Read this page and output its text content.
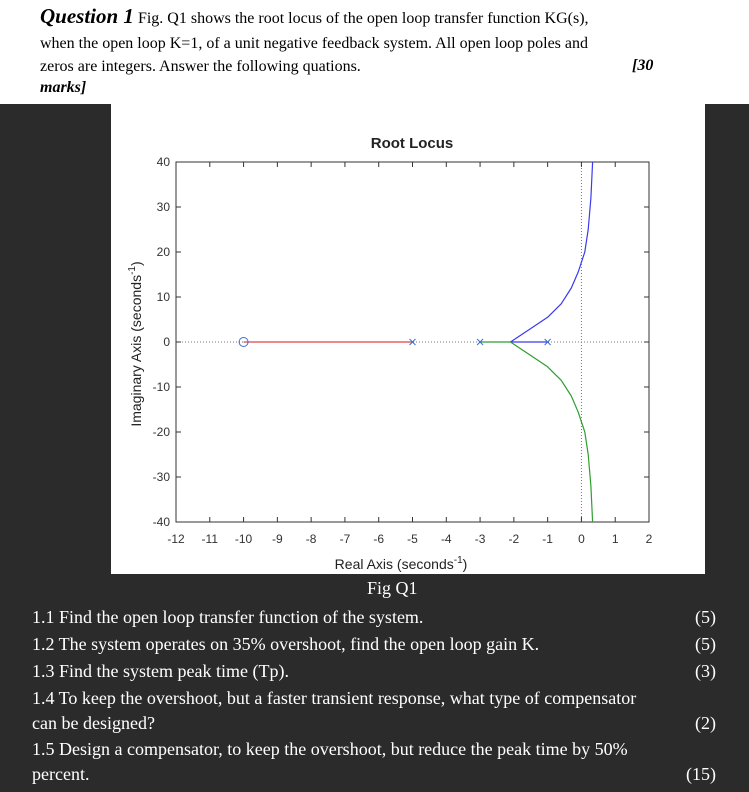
Question 1 Fig. Q1 shows the root locus of the open loop transfer function KG(s),
when the open loop K=1, of a unit negative feedback system. All open loop poles and
zeros are integers. Answer the following quations.	[30
marks]
-12 -11 -10 -9 -8 -7 -6 -5 -4 -3 -2 -1 0 1 2
40
30
20
10
0
-10
-20
-30
-40
Root Locus
Real Axis (seconds$^{-1}$)
Imaginary Axis (seconds$^{-1}$)
Fig Q1
1.1 Find the open loop transfer function of the system.	(5)
1.2 The system operates on 35% overshoot, find the open loop gain K.	(5)
1.3 Find the system peak time (Tp).	(3)
1.4 To keep the overshoot, but a faster transient response, what type of compensator
can be designed?	(2)
1.5 Design a compensator, to keep the overshoot, but reduce the peak time by 50%
percent.	(15)
